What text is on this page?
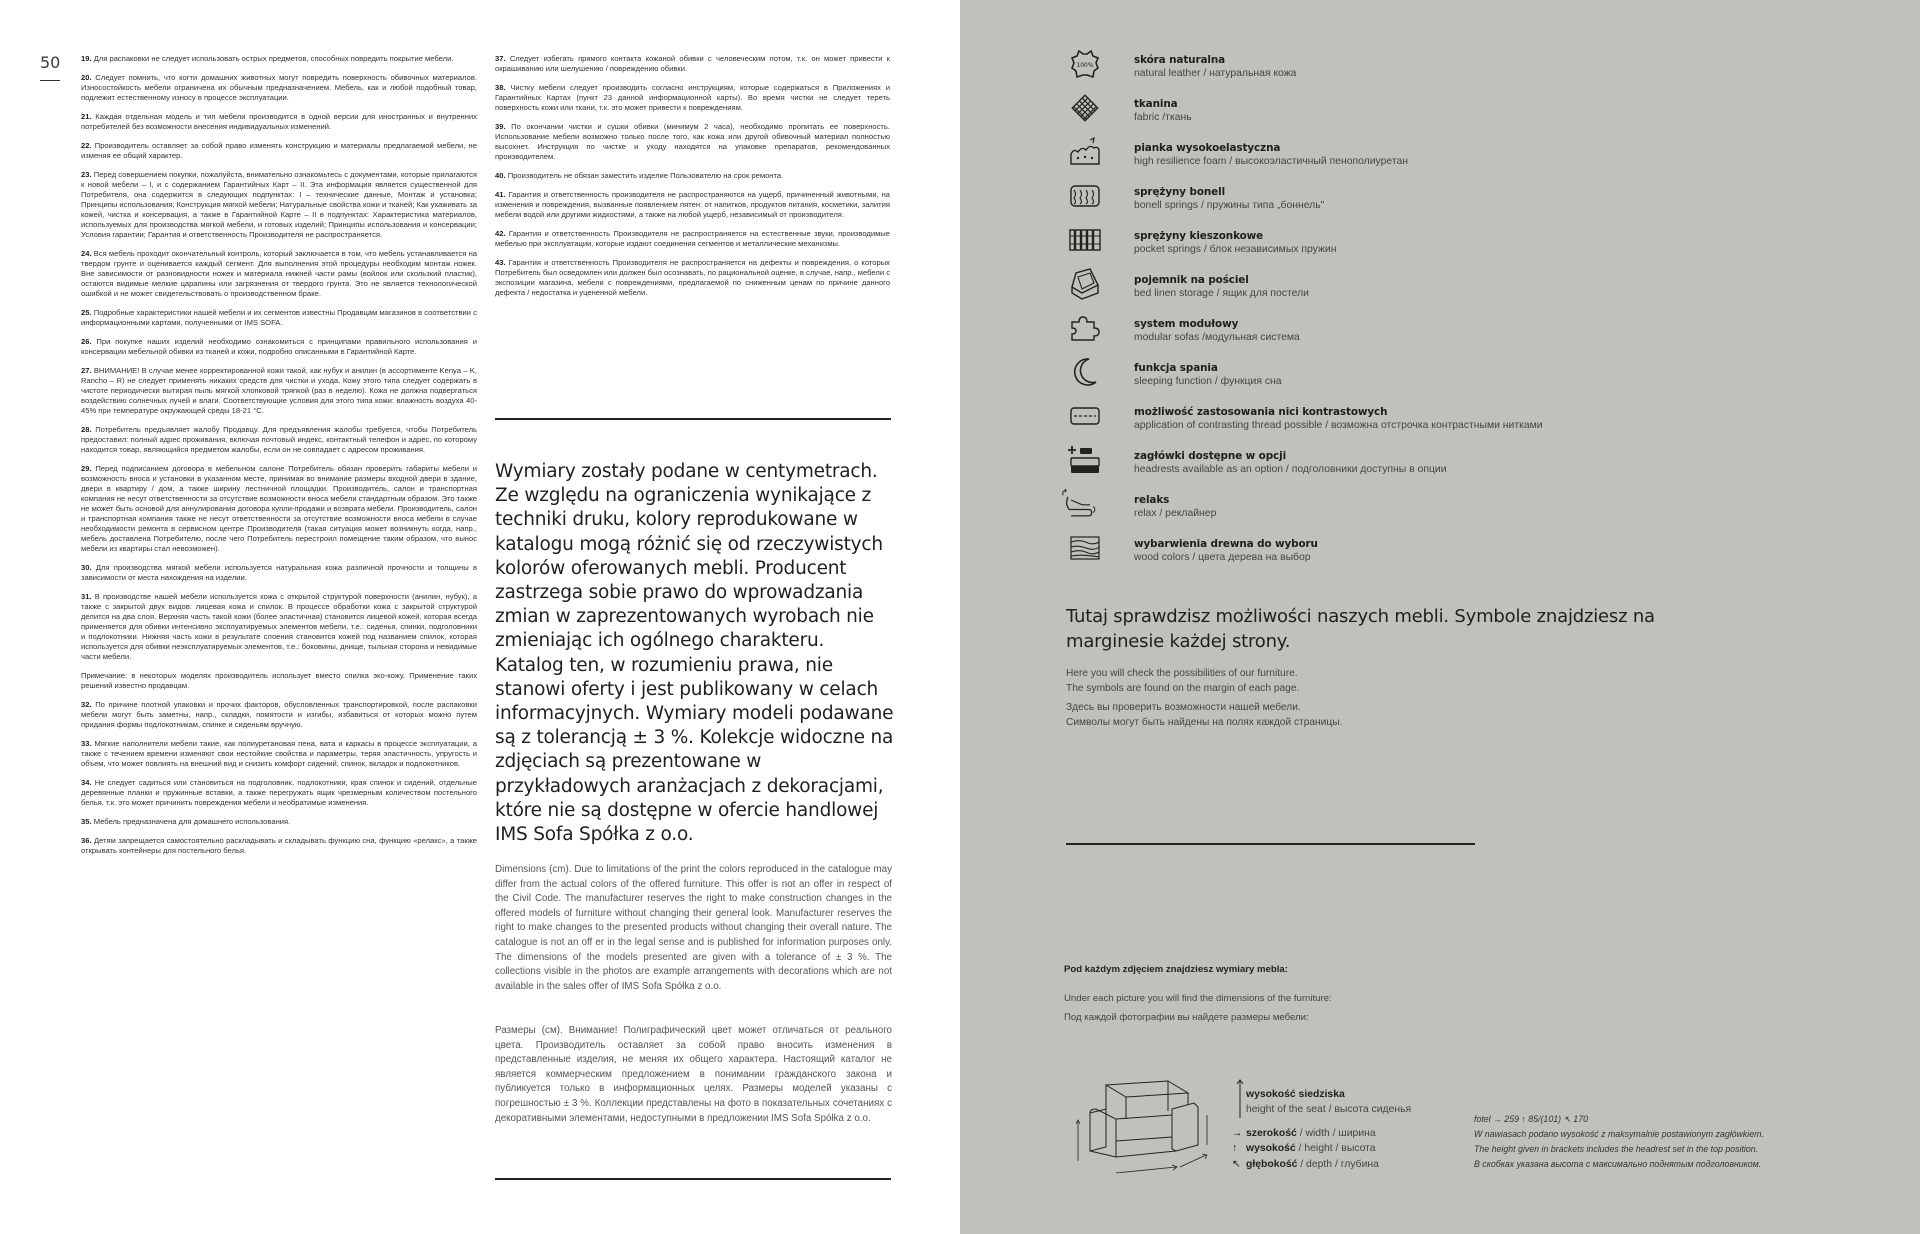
50	19. Для распаковки не следует использовать острых предметов, способных повредить покрытие мебели.
20. Следует помнить, что когти домашних животных могут повредить поверхность обивочных материалов. Износостойкость мебели ограничена их обычным предназначением. Мебель, как и любой подобный товар, подлежит естественному износу в процессе эксплуатации.
21. Каждая отдельная модель и тип мебели производится в одной версии для иностранных и внутренних потребителей без возможности внесения индивидуальных изменений.
22. Производитель оставляет за собой право изменять конструкцию и материалы предлагаемой мебели, не изменяя ее общий характер.
23. Перед совершением покупки, пожалуйста, внимательно ознакомьтесь с документами, которые прилагаются к новой мебели – I, и с содержанием Гарантийных Карт – II. Эта информация является существенной для Потребителя, она содержится в следующих подпунктах: I – технические данные, Монтаж и установка; Принципы использования; Конструкция мягкой мебели; Натуральные свойства кожи и тканей; Как ухаживать за кожей, чистка и консервация, а также в Гарантийной Карте – II в подпунктах: Характеристика материалов, используемых для производства мягкой мебели, и готовых изделий; Принципы использования и консервации; Условия гарантии; Гарантия и ответственность Производителя не распространяется.
24. Вся мебель проходит окончательный контроль, который заключается в том, что мебель устанавливается на твердом грунте и оценивается каждый сегмент. Для выполнения этой процедуры необходим монтаж ножек. Вне зависимости от разновидности ножек и материала нижней части рамы (войлок или скользкий пластик), остаются видимые мелкие царапины или загрязнения от твердого грунта. Это не является технологической ошибкой и не может свидетельствовать о производственном браке.
25. Подробные характеристики нашей мебели и их сегментов известны Продавцам магазинов в соответствии с информационными картами, полученными от IMS SOFA.
26. При покупке наших изделий необходимо ознакомиться с принципами правильного использования и консервации мебельной обивки из тканей и кожи, подробно описанными в Гарантийной Карте.
27. ВНИМАНИЕ! В случае менее корректированной кожи такой, как нубук и анилин (в ассортименте Kenya – K, Rancho – R) не следует применять никаких средств для чистки и ухода. Кожу этого типа следует содержать в чистоте периодически вытирая пыль мягкой хлопковой тряпкой (раз в неделю). Кожа не должна подвергаться воздействию солнечных лучей и влаги. Соответствующие условия для этого типа кожи: влажность воздуха 40-45% при температуре окружающей среды 18-21 °C.
28. Потребитель предъявляет жалобу Продавцу. Для предъявления жалобы требуется, чтобы Потребитель предоставил: полный адрес проживания, включая почтовый индекс, контактный телефон и адрес, по которому находится товар, являющийся предметом жалобы, если он не совпадает с адресом проживания.
29. Перед подписанием договора в мебельном салоне Потребитель обязан проверить габариты мебели и возможность вноса и установки в указанном месте, принимая во внимание размеры входной двери в здание, двери в квартиру / дом, а также ширину лестничной площадки. Производитель, салон и транспортная компания не несут ответственности за отсутствие возможности вноса мебели стандартным образом. Это также не может быть основой для аннулирования договора купли-продажи и возврата мебели. Производитель, салон и транспортная компания также не несут ответственности за отсутствие возможности вноса мебели в случае необходимости ремонта в сервисном центре Производителя (такая ситуация может возникнуть когда, напр., мебель доставлена Потребителю, после чего Потребитель перестроил помещение таким образом, что вынос мебели из квартиры стал невозможен).
30. Для производства мягкой мебели используется натуральная кожа различной прочности и толщины в зависимости от места нахождения на изделии.
31. В производстве нашей мебели используется кожа с открытой структурой поверхности (анилин, нубук), а также с закрытой двух видов: лицевая кожа и спилок. В процессе обработки кожа с закрытой структурой делится на два слоя. Верхняя часть такой кожи (более эластичная) становится лицевой кожей, которая всегда применяется для обивки интенсивно эксплуатируемых элементов мебели, т.е.: сиденья, спинки, подголовники и подлокотники. Нижняя часть кожи в результате слоения становится кожей под названием спилок, которая используется для обивки неэксплуатируемых элементов, т.е.: боковины, днище, тыльная сторона и невидимые части мебели.
Примечание: в некоторых моделях производитель использует вместо спилка эко-кожу. Применение таких решений известно продавцам.
32. По причине плотной упаковки и прочих факторов, обусловленных транспортировкой, после распаковки мебели могут быть заметны, напр., складки, помятости и изгибы, избавиться от которых можно путем придания формы подлокотникам, спинке и сиденьям вручную.
33. Мягкие наполнители мебели такие, как полиуретановая пена, вата и каркасы в процессе эксплуатации, а также с течением времени изменяют свои нестойкие свойства и параметры, теряя эластичность, упругость и объем, что может повлиять на внешний вид и снизить комфорт сидений, спинок, вкладок и подлокотников.
34. Не следует садиться или становиться на подголовник, подлокотники, края спинок и сидений, отдельные деревянные планки и пружинные вставки, а также перегружать ящик чрезмерным количеством постельного белья, т.к. это может причинить повреждения мебели и необратимые изменения.
35. Мебель предназначена для домашнего использования.
36. Детям запрещается самостоятельно раскладывать и складывать функцию сна, функцию «релакс», а также открывать контейнеры для постельного белья.
37. Следует избегать прямого контакта кожаной обивки с человеческим потом, т.к. он может привести к окрашиванию или шелушению / повреждению обивки.
38. Чистку мебели следует производить согласно инструкциям, которые содержаться в Приложениях и Гарантийных Картах (пункт 23 данной информационной карты). Во время чистки не следует тереть поверхность кожи или ткани, т.к. это может привести к повреждениям.
39. По окончании чистки и сушки обивки (минимум 2 часа), необходимо пропитать ее поверхность. Использование мебели возможно только после того, как кожа или другой обивочный материал полностью высохнет. Инструкция по чистке и уходу находятся на упаковке препаратов, рекомендованных производителем.
40. Производитель не обязан заместить изделие Пользователю на срок ремонта.
41. Гарантия и ответственность производителя не распространяются на ущерб, причиненный животными, на изменения и повреждения, вызванные появлением пятен: от напитков, продуктов питания, косметики, залития мебели водой или другими жидкостями, а также на любой ущерб, независимый от производителя.
42. Гарантия и ответственность Производителя не распространяется на естественные звуки, производимые мебелью при эксплуатации, которые издают соединения сегментов и металлические механизмы.
43. Гарантия и ответственность Производителя не распространяется на дефекты и повреждения, о которых Потребитель был осведомлен или должен был осознавать, по рациональной оценке, в случае, напр., мебели с экспозиции магазина, мебели с повреждениями, предлагаемой по сниженным ценам по причине данного дефекта / недостатка и уцененной мебели.
Wymiary zostały podane w centymetrach. Ze względu na ograniczenia wynikające z techniki druku, kolory reprodukowane w katalogu mogą różnić się od rzeczywistych kolorów oferowanych mebli. Producent zastrzega sobie prawo do wprowadzania zmian w zaprezentowanych wyrobach nie zmieniając ich ogólnego charakteru. Katalog ten, w rozumieniu prawa, nie stanowi oferty i jest publikowany w celach informacyjnych. Wymiary modeli podawane są z tolerancją ± 3 %. Kolekcje widoczne na zdjęciach są prezentowane w przykładowych aranżacjach z dekoracjami, które nie są dostępne w ofercie handlowej IMS Sofa Spółka z o.o.
Dimensions (cm). Due to limitations of the print the colors reproduced in the catalogue may differ from the actual colors of the offered furniture. This offer is not an offer in respect of the Civil Code. The manufacturer reserves the right to make construction changes in the offered models of furniture without changing their general look. Manufacturer reserves the right to make changes to the presented products without changing their overall nature. The catalogue is not an off er in the legal sense and is published for information purposes only. The dimensions of the models presented are given with a tolerance of ± 3 %. The collections visible in the photos are example arrangements with decorations which are not available in the sales offer of IMS Sofa Spółka z o.o.
Размеры (см). Внимание! Полиграфический цвет может отличаться от реального цвета. Производитель оставляет за собой право вносить изменения в представленные изделия, не меняя их общего характера. Настоящий каталог не является коммерческим предложением в понимании гражданского закона и публикуется только в информационных целях. Размеры моделей указаны с погрешностью ± 3 %. Коллекции представлены на фото в показательных сочетаниях с декоративными элементами, недоступными в предложении IMS Sofa Spółka z o.o.
100%	skóra naturalna
natural leather / натуральная кожа
tkanina
fabric /ткань
pianka wysokoelastyczna
high resilience foam / высокоэластичный пенополиуретан
sprężyny bonell
bonell springs / пружины типа „боннель"
sprężyny kieszonkowe
pocket springs / блок независимых пружин
pojemnik na pościel
bed linen storage / ящик для постели
system modułowy
modular sofas /модульная система
funkcja spania
sleeping function / функция сна
możliwość zastosowania nici kontrastowych
application of contrasting thread possible / возможна отстрочка контрастными нитками
zagłówki dostępne w opcji
headrests available as an option / подголовники доступны в опции
relaks
relax / реклайнер
wybarwienia drewna do wyboru
wood colors / цвета дерева на выбор
Tutaj sprawdzisz możliwości naszych mebli. Symbole znajdziesz na marginesie każdej strony.
Here you will check the possibilities of our furniture.
The symbols are found on the margin of each page.
Здесь вы проверить возможности нашей мебели.
Символы могут быть найдены на полях каждой страницы.
Pod każdym zdjęciem znajdziesz wymiary mebla:
Under each picture you will find the dimensions of the furniture:
Под каждой фотографии вы найдете размеры мебели:
wysokość siedziska
height of the seat / высота сиденья
→ szerokość / width / ширина
↑ wysokość / height / высота
↖ głębokość / depth / глубина
fotel → 259 ↑ 85/(101) ↖ 170
W nawiasach podano wysokość z maksymalnie postawionym zagłówkiem.
The height given in brackets includes the headrest set in the top position.
В скобках указана высота с максимально поднятым подголовником.
